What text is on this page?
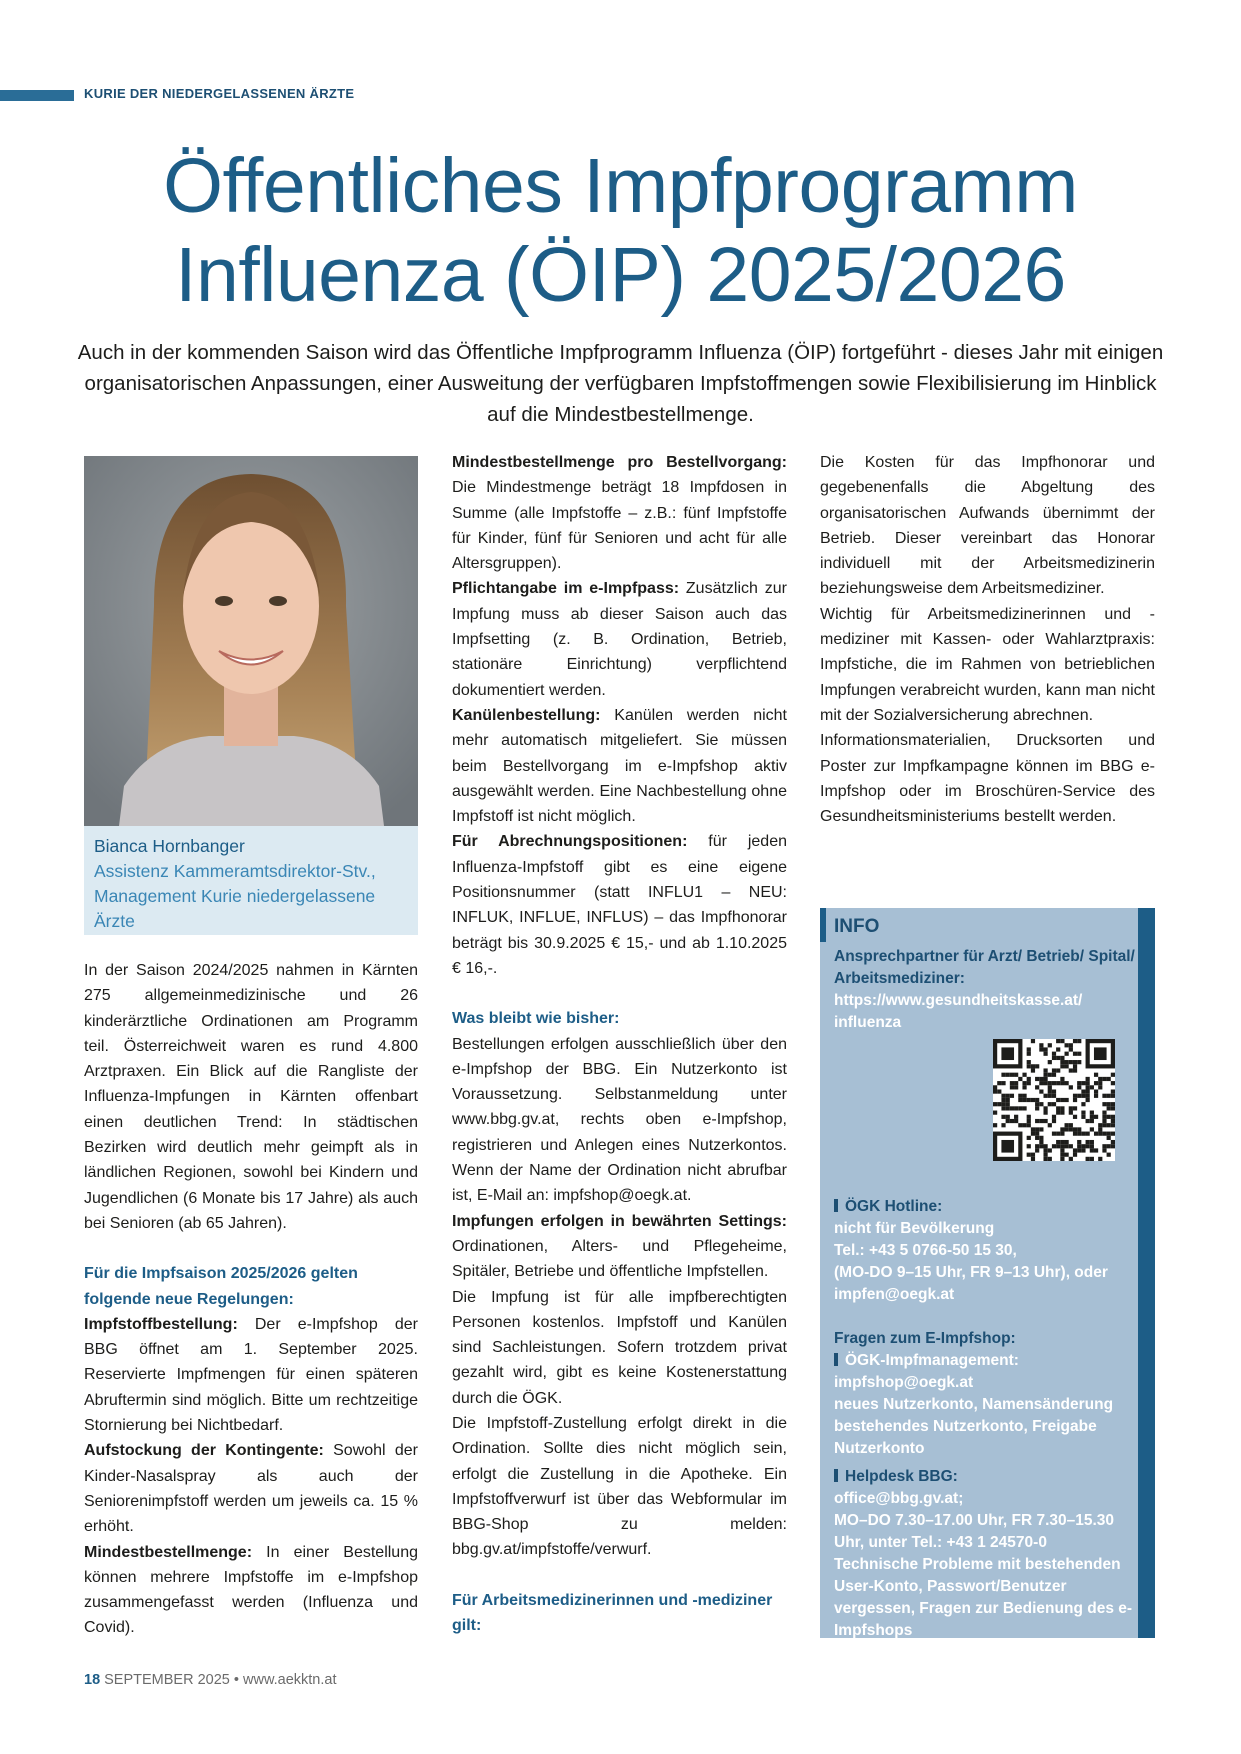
KURIE DER NIEDERGELASSENEN ÄRZTE
Öffentliches Impfprogramm
Influenza (ÖIP) 2025/2026

Auch in der kommenden Saison wird das Öffentliche Impfprogramm Influenza (ÖIP) fortgeführt - dieses Jahr mit einigen organisatorischen Anpassungen, einer Ausweitung der verfügbaren Impfstoffmengen sowie Flexibilisierung im Hinblick auf die Mindestbestellmenge.

Bianca Hornbanger
Assistenz Kammeramtsdirektor-Stv., Management Kurie niedergelassene Ärzte

In der Saison 2024/2025 nahmen in Kärnten 275 allgemeinmedizinische und 26 kinderärztliche Ordinationen am Programm teil. Österreichweit waren es rund 4.800 Arztpraxen. Ein Blick auf die Rangliste der Influenza-Impfungen in Kärnten offenbart einen deutlichen Trend: In städtischen Bezirken wird deutlich mehr geimpft als in ländlichen Regionen, sowohl bei Kindern und Jugendlichen (6 Monate bis 17 Jahre) als auch bei Senioren (ab 65 Jahren).

Für die Impfsaison 2025/2026 gelten folgende neue Regelungen:

Impfstoffbestellung: Der e-Impfshop der BBG öffnet am 1. September 2025. Reservierte Impfmengen für einen späteren Abruftermin sind möglich. Bitte um rechtzeitige Stornierung bei Nichtbedarf.

Aufstockung der Kontingente: Sowohl der Kinder-Nasalspray als auch der Seniorenimpfstoff werden um jeweils ca. 15 % erhöht.

Mindestbestellmenge: In einer Bestellung können mehrere Impfstoffe im e-Impfshop zusammengefasst werden (Influenza und Covid).

Mindestbestellmenge pro Bestellvorgang: Die Mindestmenge beträgt 18 Impfdosen in Summe (alle Impfstoffe – z.B.: fünf Impfstoffe für Kinder, fünf für Senioren und acht für alle Altersgruppen).

Pflichtangabe im e-Impfpass: Zusätzlich zur Impfung muss ab dieser Saison auch das Impfsetting (z. B. Ordination, Betrieb, stationäre Einrichtung) verpflichtend dokumentiert werden.

Kanülenbestellung: Kanülen werden nicht mehr automatisch mitgeliefert. Sie müssen beim Bestellvorgang im e-Impfshop aktiv ausgewählt werden. Eine Nachbestellung ohne Impfstoff ist nicht möglich.

Für Abrechnungspositionen: für jeden Influenza-Impfstoff gibt es eine eigene Positionsnummer (statt INFLU1 – NEU: INFLUK, INFLUE, INFLUS) – das Impfhonorar beträgt bis 30.9.2025 € 15,- und ab 1.10.2025 € 16,-.

Was bleibt wie bisher:

Bestellungen erfolgen ausschließlich über den e-Impfshop der BBG. Ein Nutzerkonto ist Voraussetzung. Selbstanmeldung unter www.bbg.gv.at, rechts oben e-Impfshop, registrieren und Anlegen eines Nutzerkontos. Wenn der Name der Ordination nicht abrufbar ist, E-Mail an: impfshop@oegk.at.

Impfungen erfolgen in bewährten Settings: Ordinationen, Alters- und Pflegeheime, Spitäler, Betriebe und öffentliche Impfstellen.

Die Impfung ist für alle impfberechtigten Personen kostenlos. Impfstoff und Kanülen sind Sachleistungen. Sofern trotzdem privat gezahlt wird, gibt es keine Kostenerstattung durch die ÖGK.

Die Impfstoff-Zustellung erfolgt direkt in die Ordination. Sollte dies nicht möglich sein, erfolgt die Zustellung in die Apotheke. Ein Impfstoffverwurf ist über das Webformular im BBG-Shop zu melden: bbg.gv.at/impfstoffe/verwurf.

Für Arbeitsmedizinerinnen und -mediziner gilt:

Die Kosten für das Impfhonorar und gegebenenfalls die Abgeltung des organisatorischen Aufwands übernimmt der Betrieb. Dieser vereinbart das Honorar individuell mit der Arbeitsmedizinerin beziehungsweise dem Arbeitsmediziner.

Wichtig für Arbeitsmedizinerinnen und -mediziner mit Kassen- oder Wahlarztpraxis: Impfstiche, die im Rahmen von betrieblichen Impfungen verabreicht wurden, kann man nicht mit der Sozialversicherung abrechnen.

Informationsmaterialien, Drucksorten und Poster zur Impfkampagne können im BBG e-Impfshop oder im Broschüren-Service des Gesundheitsministeriums bestellt werden.

INFO
Ansprechpartner für Arzt/ Betrieb/ Spital/ Arbeitsmediziner:
https://www.gesundheitskasse.at/ influenza
ÖGK Hotline:
nicht für Bevölkerung
Tel.: +43 5 0766-50 15 30,
(MO-DO 9–15 Uhr, FR 9–13 Uhr), oder
impfen@oegk.at
Fragen zum E-Impfshop:
ÖGK-Impfmanagement:
impfshop@oegk.at
neues Nutzerkonto, Namensänderung bestehendes Nutzerkonto, Freigabe Nutzerkonto
Helpdesk BBG:
office@bbg.gv.at;
MO–DO 7.30–17.00 Uhr, FR 7.30–15.30 Uhr, unter Tel.: +43 1 24570-0
Technische Probleme mit bestehenden User-Konto, Passwort/Benutzer vergessen, Fragen zur Bedienung des e-Impfshops
18 SEPTEMBER 2025 • www.aekktn.at
